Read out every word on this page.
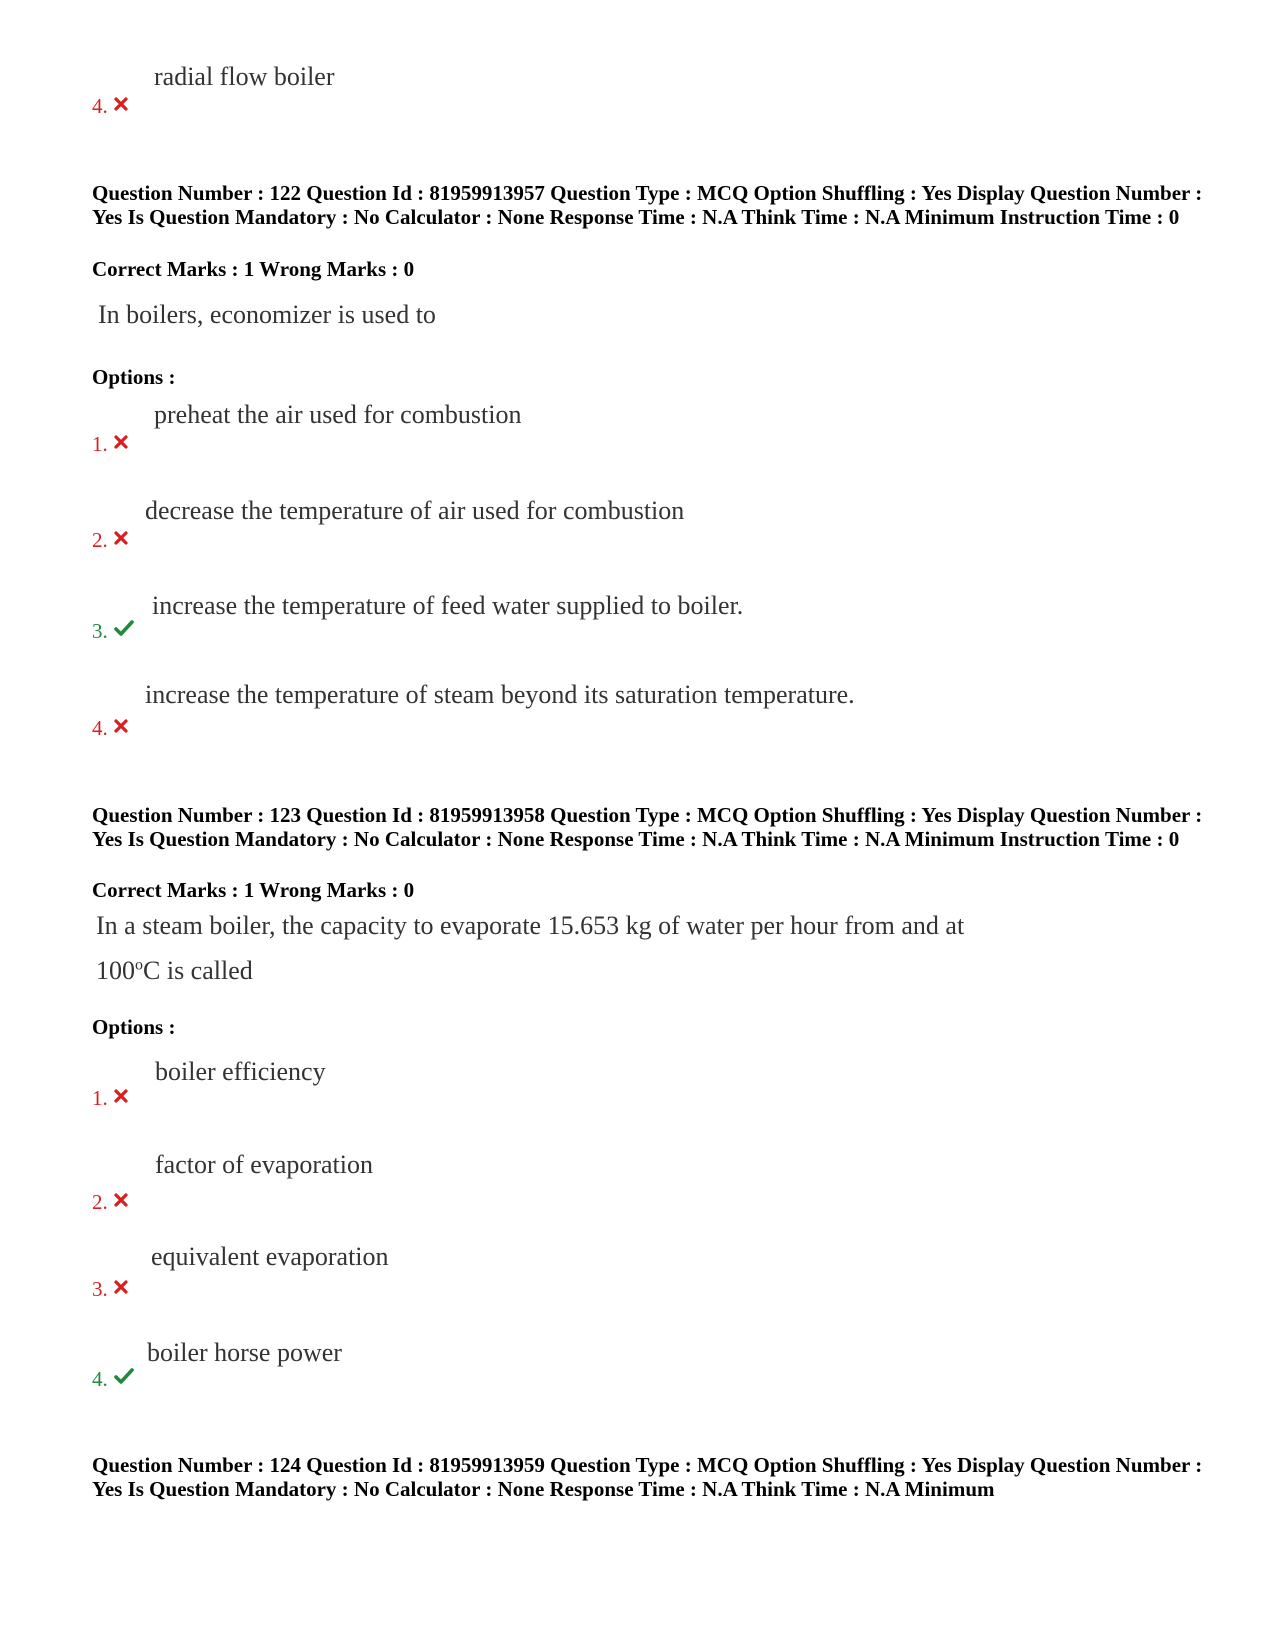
radial flow boiler
4.
Question Number : 122 Question Id : 81959913957 Question Type : MCQ Option Shuffling : Yes Display Question Number : Yes Is Question Mandatory : No Calculator : None Response Time : N.A Think Time : N.A Minimum Instruction Time : 0
Correct Marks : 1 Wrong Marks : 0
In boilers, economizer is used to
Options :
preheat the air used for combustion
1.
decrease the temperature of air used for combustion
2.
increase the temperature of feed water supplied to boiler.
3.
increase the temperature of steam beyond its saturation temperature.
4.
Question Number : 123 Question Id : 81959913958 Question Type : MCQ Option Shuffling : Yes Display Question Number : Yes Is Question Mandatory : No Calculator : None Response Time : N.A Think Time : N.A Minimum Instruction Time : 0
Correct Marks : 1 Wrong Marks : 0
In a steam boiler, the capacity to evaporate 15.653 kg of water per hour from and at
100$^o$C is called
Options :
boiler efficiency
1.
factor of evaporation
2.
equivalent evaporation
3.
boiler horse power
4.
Question Number : 124 Question Id : 81959913959 Question Type : MCQ Option Shuffling : Yes Display Question Number : Yes Is Question Mandatory : No Calculator : None Response Time : N.A Think Time : N.A Minimum
